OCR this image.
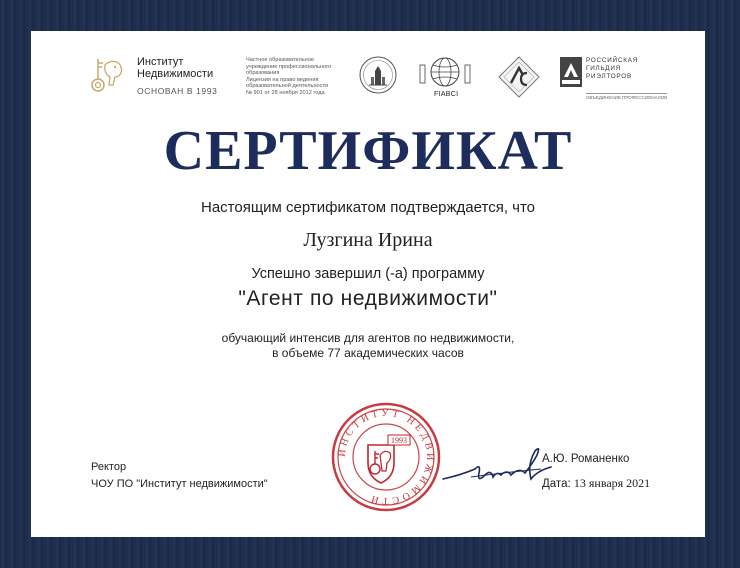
Институт
Недвижимости
ОСНОВАН В 1993
Частное образовательное
учреждение профессионального
образования
Лицензия на право ведения
образовательной деятельности
№ 901 от 28 ноября 2012 года	FIABCI
РОССИЙСКАЯ
ГИЛЬДИЯ
РИЭЛТОРОВ
ОБЪЕДИНЕНИЕ ПРОФЕССИОНАЛОВ
СЕРТИФИКАТ
Настоящим сертификатом подтверждается, что
Лузгина Ирина
Успешно завершил (-а) программу
"Агент по недвижимости"
обучающий интенсив для агентов по недвижимости,
в объеме 77 академических часов
Ректор
ЧОУ ПО "Институт недвижимости"
ИНСТИТУТ НЕДВИЖИМОСТИ
1993
А.Ю. Романенко
Дата: 13 января 2021
